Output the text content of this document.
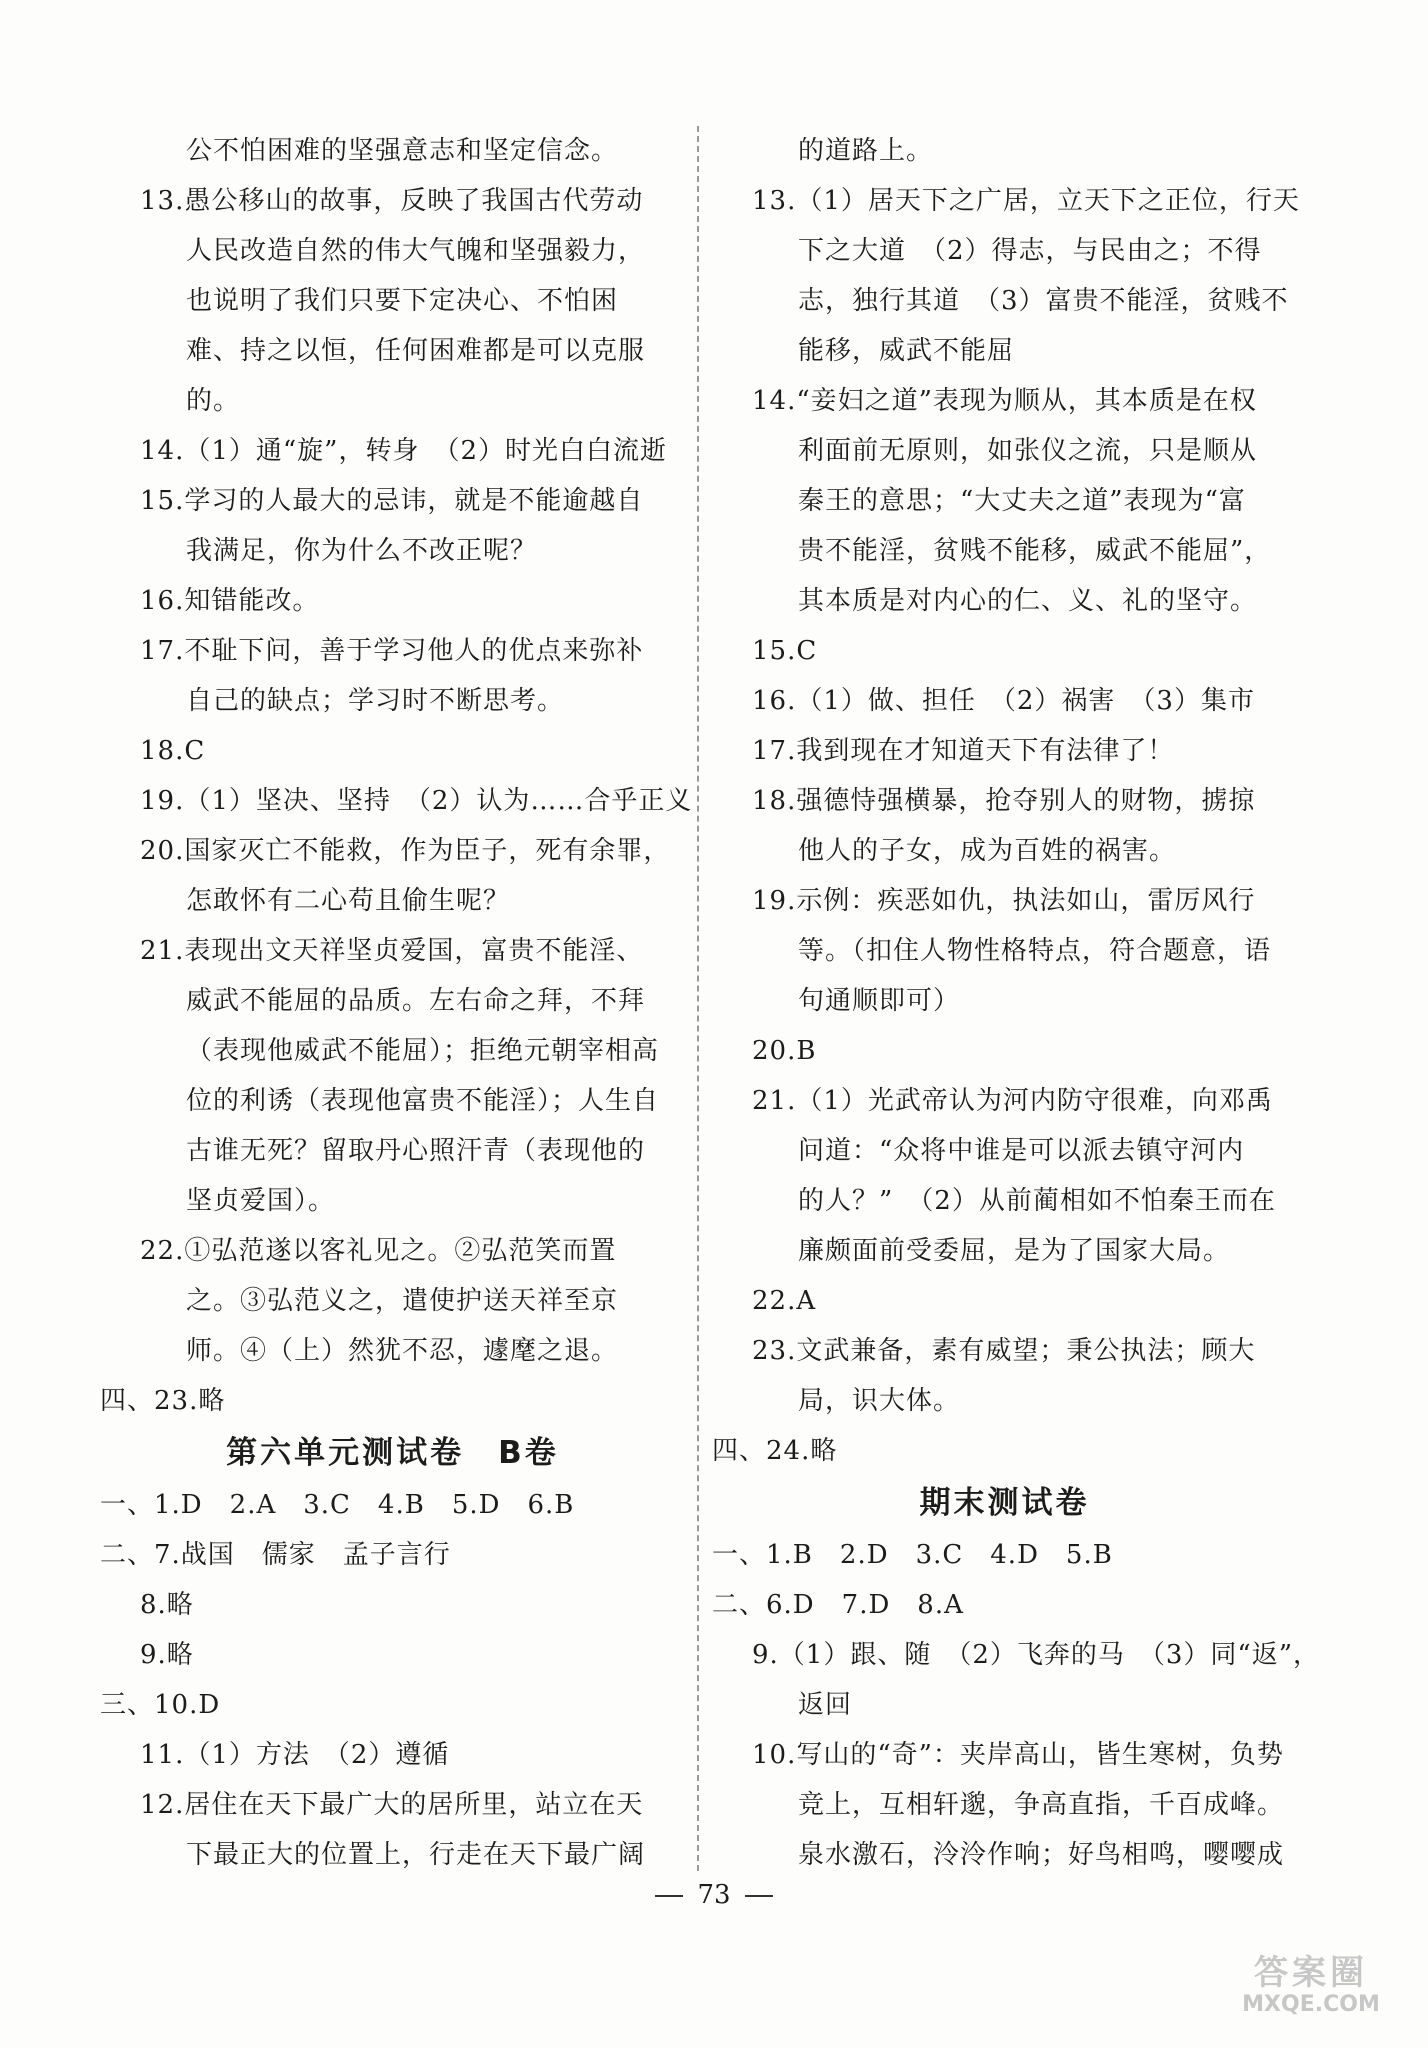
公不怕困难的坚强意志和坚定信念。
13.愚公移山的故事，反映了我国古代劳动
人民改造自然的伟大气魄和坚强毅力，
也说明了我们只要下定决心、不怕困
难、持之以恒，任何困难都是可以克服
的。
14.（1）通“旋”，转身　（2）时光白白流逝
15.学习的人最大的忌讳，就是不能逾越自
我满足，你为什么不改正呢？
16.知错能改。
17.不耻下问，善于学习他人的优点来弥补
自己的缺点；学习时不断思考。
18.C
19.（1）坚决、坚持　（2）认为……合乎正义
20.国家灭亡不能救，作为臣子，死有余罪，
怎敢怀有二心苟且偷生呢？
21.表现出文天祥坚贞爱国，富贵不能淫、
威武不能屈的品质。左右命之拜，不拜
（表现他威武不能屈）；拒绝元朝宰相高
位的利诱（表现他富贵不能淫）；人生自
古谁无死？留取丹心照汗青（表现他的
坚贞爱国）。
22.①弘范遂以客礼见之。②弘范笑而置
之。③弘范义之，遣使护送天祥至京
师。④（上）然犹不忍，遽麾之退。
四、23.略
第六单元测试卷　B卷
一、1.D　2.A　3.C　4.B　5.D　6.B
二、7.战国　儒家　孟子言行
8.略
9.略
三、10.D
11.（1）方法　（2）遵循
12.居住在天下最广大的居所里，站立在天
下最正大的位置上，行走在天下最广阔
的道路上。
13.（1）居天下之广居，立天下之正位，行天
下之大道　（2）得志，与民由之；不得
志，独行其道　（3）富贵不能淫，贫贱不
能移，威武不能屈
14.“妾妇之道”表现为顺从，其本质是在权
利面前无原则，如张仪之流，只是顺从
秦王的意思；“大丈夫之道”表现为“富
贵不能淫，贫贱不能移，威武不能屈”，
其本质是对内心的仁、义、礼的坚守。
15.C
16.（1）做、担任　（2）祸害　（3）集市
17.我到现在才知道天下有法律了！
18.强德恃强横暴，抢夺别人的财物，掳掠
他人的子女，成为百姓的祸害。
19.示例：疾恶如仇，执法如山，雷厉风行
等。（扣住人物性格特点，符合题意，语
句通顺即可）
20.B
21.（1）光武帝认为河内防守很难，向邓禹
问道：“众将中谁是可以派去镇守河内
的人？”　（2）从前蔺相如不怕秦王而在
廉颇面前受委屈，是为了国家大局。
22.A
23.文武兼备，素有威望；秉公执法；顾大
局，识大体。
四、24.略
期末测试卷
一、1.B　2.D　3.C　4.D　5.B
二、6.D　7.D　8.A
9.（1）跟、随　（2）飞奔的马　（3）同“返”，
返回
10.写山的“奇”：夹岸高山，皆生寒树，负势
竞上，互相轩邈，争高直指，千百成峰。
泉水激石，泠泠作响；好鸟相鸣，嘤嘤成
73
答案圈
MXQE.COM
